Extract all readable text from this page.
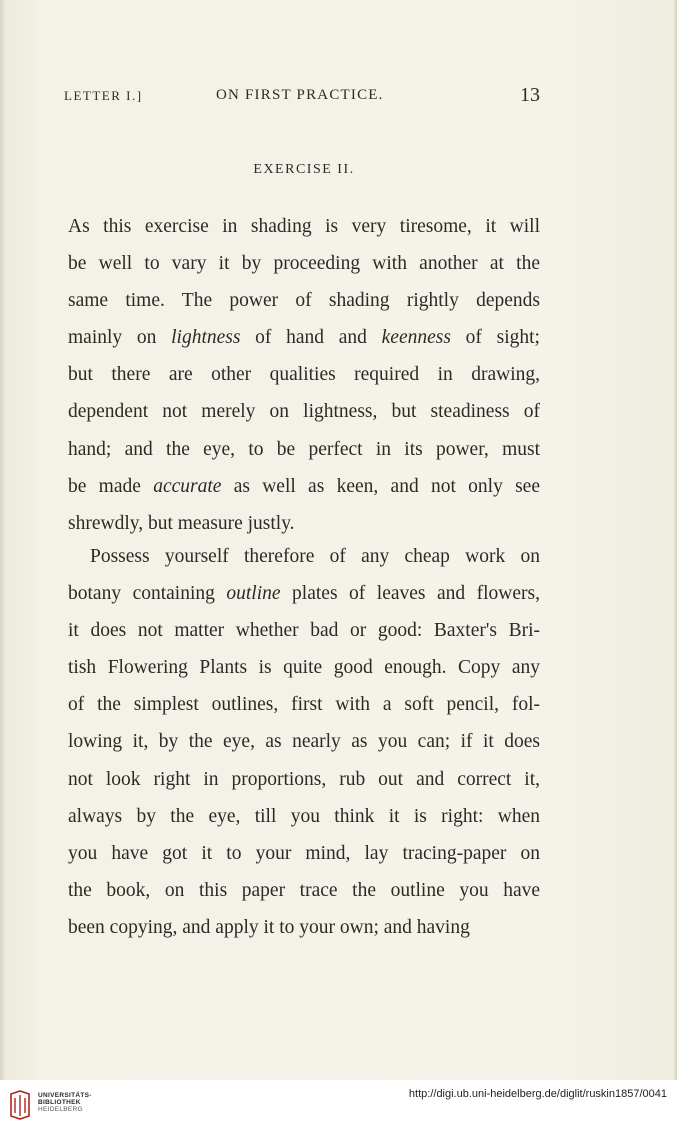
LETTER I.]	ON FIRST PRACTICE.	13
EXERCISE II.
As this exercise in shading is very tiresome, it will
be well to vary it by proceeding with another at the
same time. The power of shading rightly depends
mainly on lightness of hand and keenness of sight;
but there are other qualities required in drawing,
dependent not merely on lightness, but steadiness of
hand; and the eye, to be perfect in its power, must
be made accurate as well as keen, and not only see
shrewdly, but measure justly.
Possess yourself therefore of any cheap work on
botany containing outline plates of leaves and flowers,
it does not matter whether bad or good: Baxter's Bri-
tish Flowering Plants is quite good enough. Copy any
of the simplest outlines, first with a soft pencil, fol-
lowing it, by the eye, as nearly as you can; if it does
not look right in proportions, rub out and correct it,
always by the eye, till you think it is right: when
you have got it to your mind, lay tracing-paper on
the book, on this paper trace the outline you have
been copying, and apply it to your own; and having
UNIVERSITÄTS-
BIBLIOTHEK
HEIDELBERG
http://digi.ub.uni-heidelberg.de/diglit/ruskin1857/0041
